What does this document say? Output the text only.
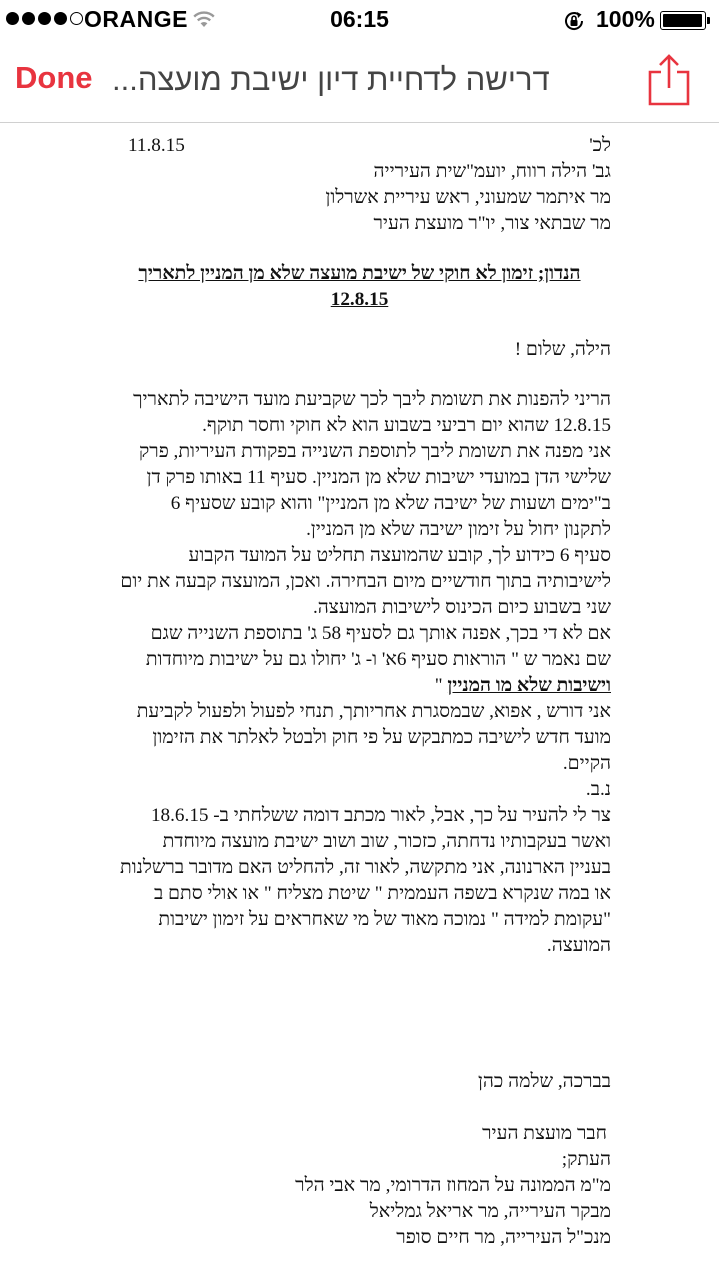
ORANGE	06:15	100%
Done דרישה לדחיית דיון ישיבת מועצה...
לכ'
11.8.15
גב' הילה רווח, יועמ"שית העירייה
מר איתמר שמעוני, ראש עיריית אשרלון
מר שבתאי צור, יו"ר מועצת העיר
הנדון; זימון לא חוקי של ישיבת מועצה שלא מן המניין לתאריך
12.8.15
הילה, שלום !
הריני להפנות את תשומת ליבך לכך שקביעת מועד הישיבה לתאריך
12.8.15 שהוא יום רביעי בשבוע הוא לא חוקי וחסר תוקף.
אני מפנה את תשומת ליבך לתוספת השנייה בפקודת העיריות, פרק
שלישי הדן במועדי ישיבות שלא מן המניין. סעיף 11 באותו פרק דן
ב"ימים ושעות של ישיבה שלא מן המניין" והוא קובע שסעיף 6
לתקנון יחול על זימון ישיבה שלא מן המניין.
סעיף 6 כידוע לך, קובע שהמועצה תחליט על המועד הקבוע
לישיבותיה בתוך חודשיים מיום הבחירה. ואכן, המועצה קבעה את יום
שני בשבוע כיום הכינוס לישיבות המועצה.
אם לא די בכך, אפנה אותך גם לסעיף 58 ג' בתוספת השנייה שגם
שם נאמר ש " הוראות סעיף 6א' ו- ג' יחולו גם על ישיבות מיוחדות
וישיבות שלא מו המניין "
אני דורש , אפוא, שבמסגרת אחריותך, תנחי לפעול ולפעול לקביעת
מועד חדש לישיבה כמתבקש על פי חוק ולבטל לאלתר את הזימון
הקיים.
נ.ב.
צר לי להעיר על כך, אבל, לאור מכתב דומה ששלחתי ב- 18.6.15
ואשר בעקבותיו נדחתה, כזכור, שוב ושוב ישיבת מועצה מיוחדת
בעניין הארנונה, אני מתקשה, לאור זה, להחליט האם מדובר ברשלנות
או במה שנקרא בשפה העממית " שיטת מצליח " או אולי סתם ב
"עקומת למידה " נמוכה מאוד של מי שאחראים על זימון ישיבות
המועצה.
בברכה, שלמה כהן
חבר מועצת העיר
העתק;
מ"מ הממונה על המחוז הדרומי, מר אבי הלר
מבקר העירייה, מר אריאל גמליאל
מנכ"ל העירייה, מר חיים סופר
